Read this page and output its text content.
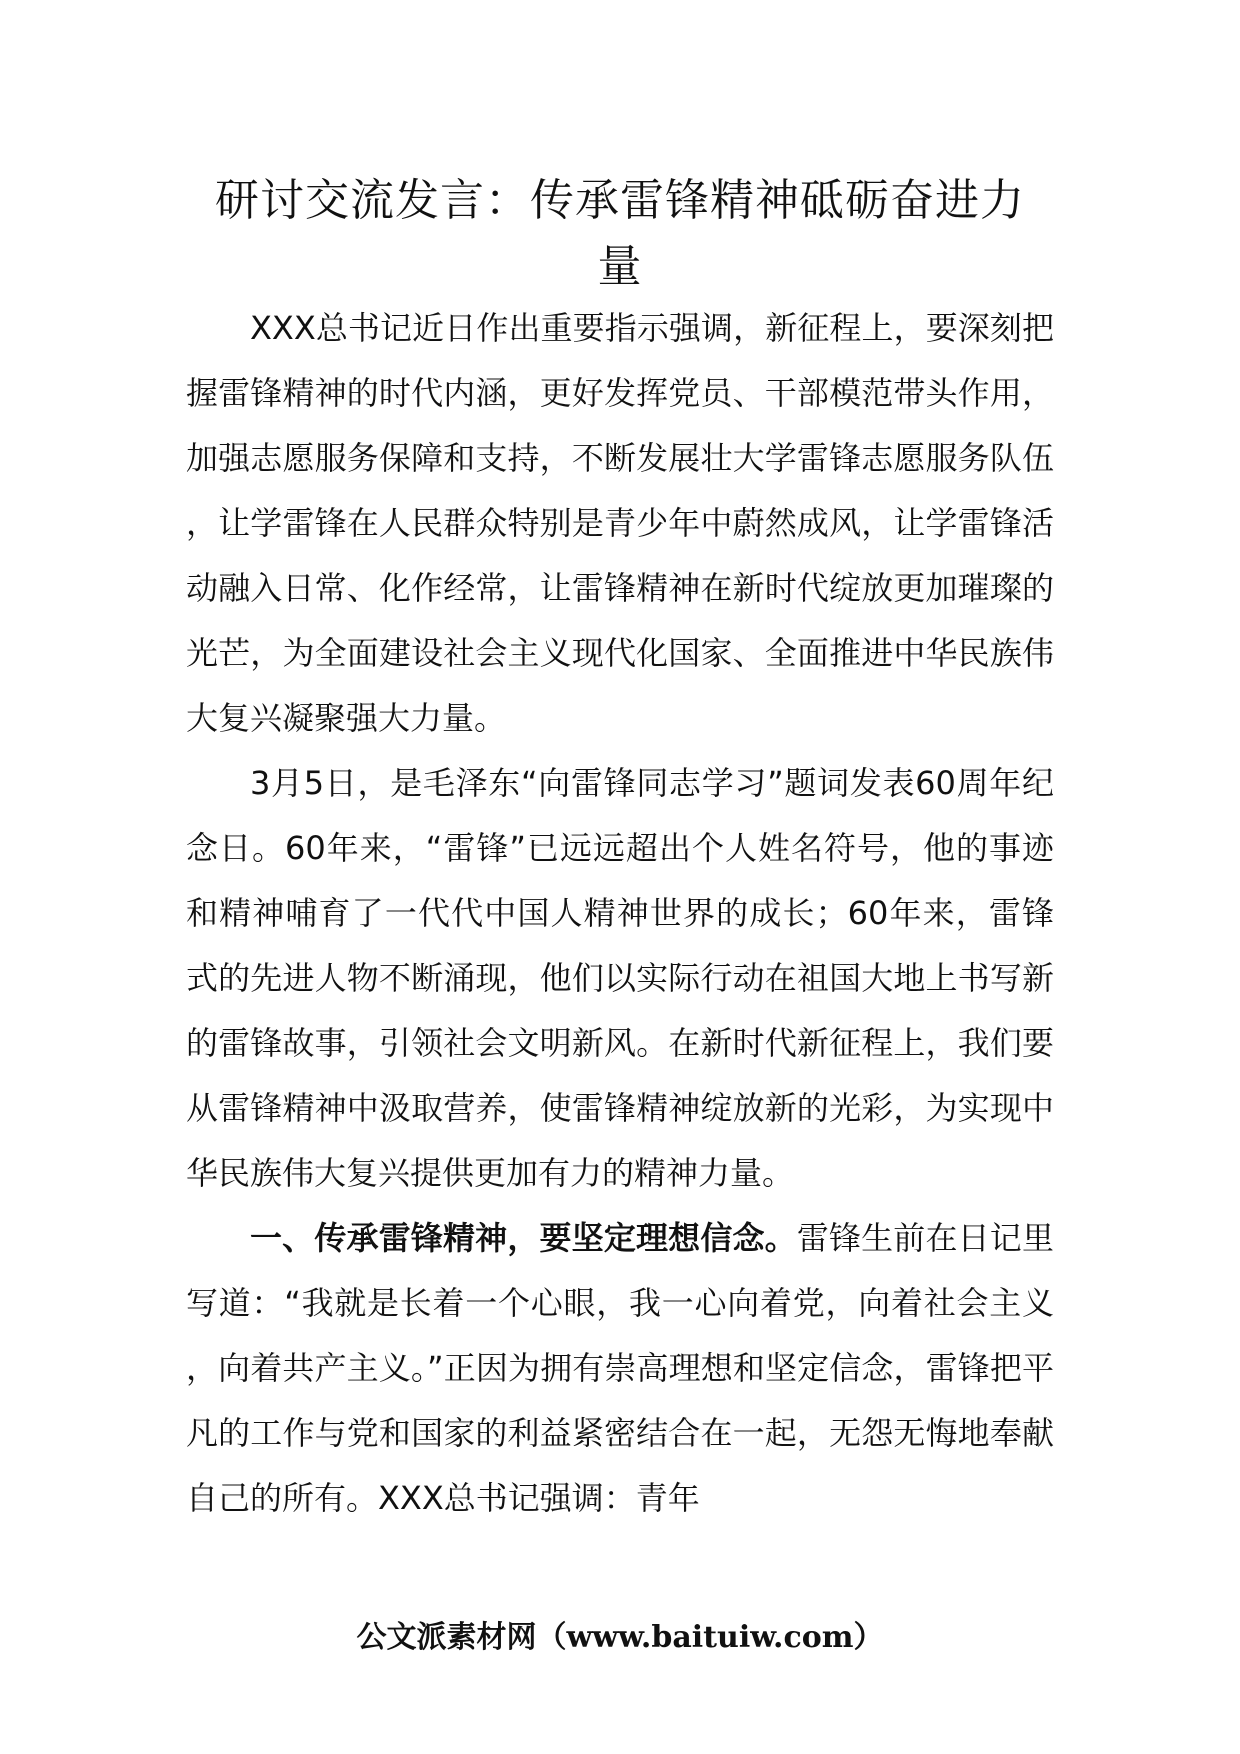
研讨交流发言：传承雷锋精神砥砺奋进力
量

XXX总书记近日作出重要指示强调，新征程上，要深刻把握雷锋精神的时代内涵，更好发挥党员、干部模范带头作用，加强志愿服务保障和支持，不断发展壮大学雷锋志愿服务队伍，让学雷锋在人民群众特别是青少年中蔚然成风，让学雷锋活动融入日常、化作经常，让雷锋精神在新时代绽放更加璀璨的光芒，为全面建设社会主义现代化国家、全面推进中华民族伟大复兴凝聚强大力量。

3月5日，是毛泽东“向雷锋同志学习”题词发表60周年纪念日。60年来，“雷锋”已远远超出个人姓名符号，他的事迹和精神哺育了一代代中国人精神世界的成长；60年来，雷锋式的先进人物不断涌现，他们以实际行动在祖国大地上书写新的雷锋故事，引领社会文明新风。在新时代新征程上，我们要从雷锋精神中汲取营养，使雷锋精神绽放新的光彩，为实现中华民族伟大复兴提供更加有力的精神力量。

一、传承雷锋精神，要坚定理想信念。雷锋生前在日记里写道：“我就是长着一个心眼，我一心向着党，向着社会主义，向着共产主义。”正因为拥有崇高理想和坚定信念，雷锋把平凡的工作与党和国家的利益紧密结合在一起，无怨无悔地奉献自己的所有。XXX总书记强调：青年

公文派素材网（www.baituiw.com）
